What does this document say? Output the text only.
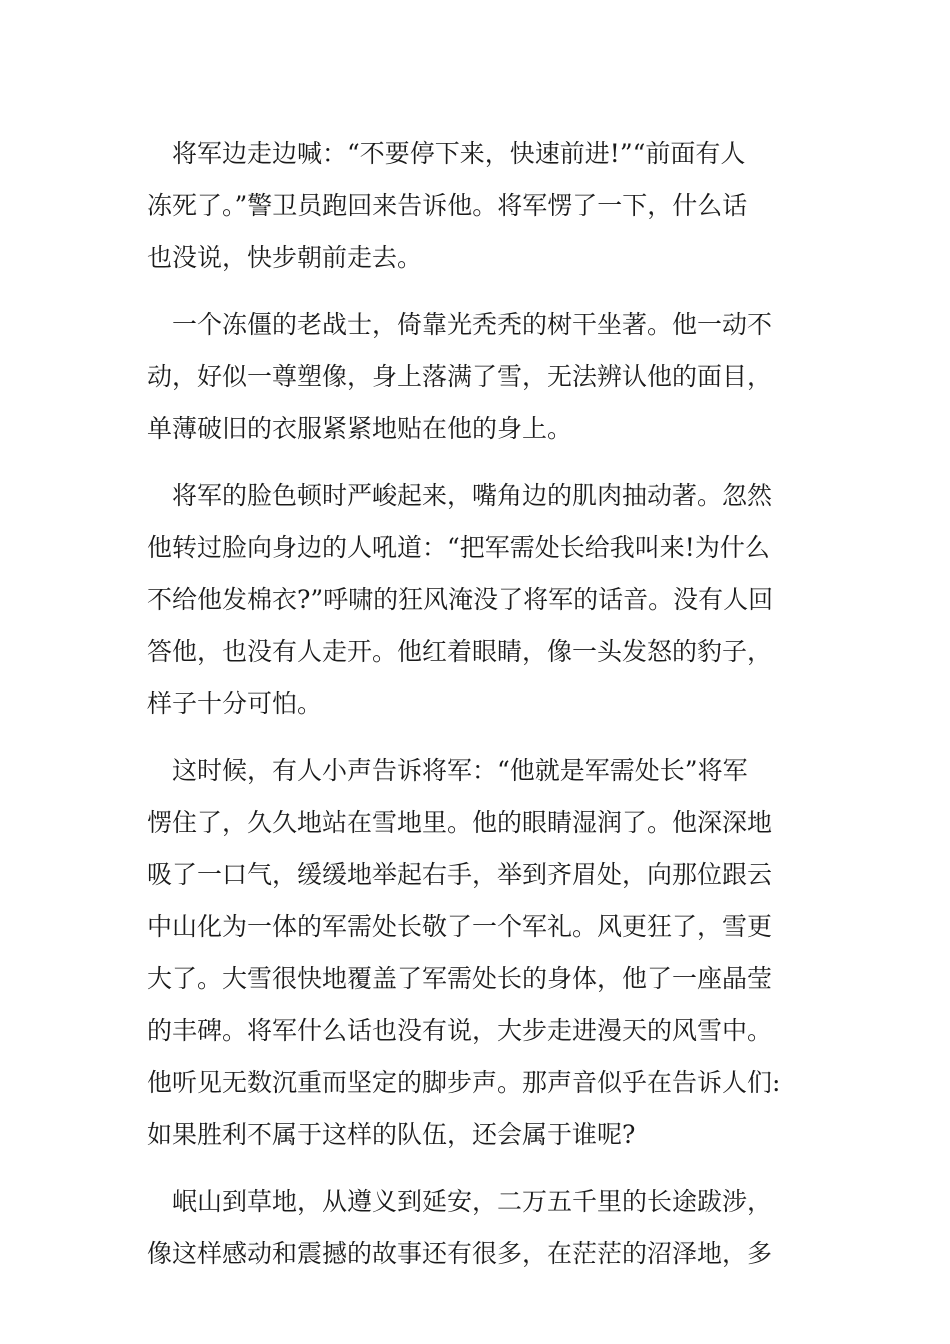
　将军边走边喊：“不要停下来，快速前进!”“前面有人
冻死了。”警卫员跑回来告诉他。将军愣了一下，什么话
也没说，快步朝前走去。

　一个冻僵的老战士，倚靠光秃秃的树干坐著。他一动不
动，好似一尊塑像，身上落满了雪，无法辨认他的面目，
单薄破旧的衣服紧紧地贴在他的身上。

　将军的脸色顿时严峻起来，嘴角边的肌肉抽动著。忽然
他转过脸向身边的人吼道：“把军需处长给我叫来!为什么
不给他发棉衣?”呼啸的狂风淹没了将军的话音。没有人回
答他，也没有人走开。他红着眼睛，像一头发怒的豹子，
样子十分可怕。

　这时候，有人小声告诉将军：“他就是军需处长”将军
愣住了，久久地站在雪地里。他的眼睛湿润了。他深深地
吸了一口气，缓缓地举起右手，举到齐眉处，向那位跟云
中山化为一体的军需处长敬了一个军礼。风更狂了，雪更
大了。大雪很快地覆盖了军需处长的身体，他了一座晶莹
的丰碑。将军什么话也没有说，大步走进漫天的风雪中。
他听见无数沉重而坚定的脚步声。那声音似乎在告诉人们:
如果胜利不属于这样的队伍，还会属于谁呢?

　岷山到草地，从遵义到延安，二万五千里的长途跋涉，
像这样感动和震撼的故事还有很多，在茫茫的沼泽地，多
